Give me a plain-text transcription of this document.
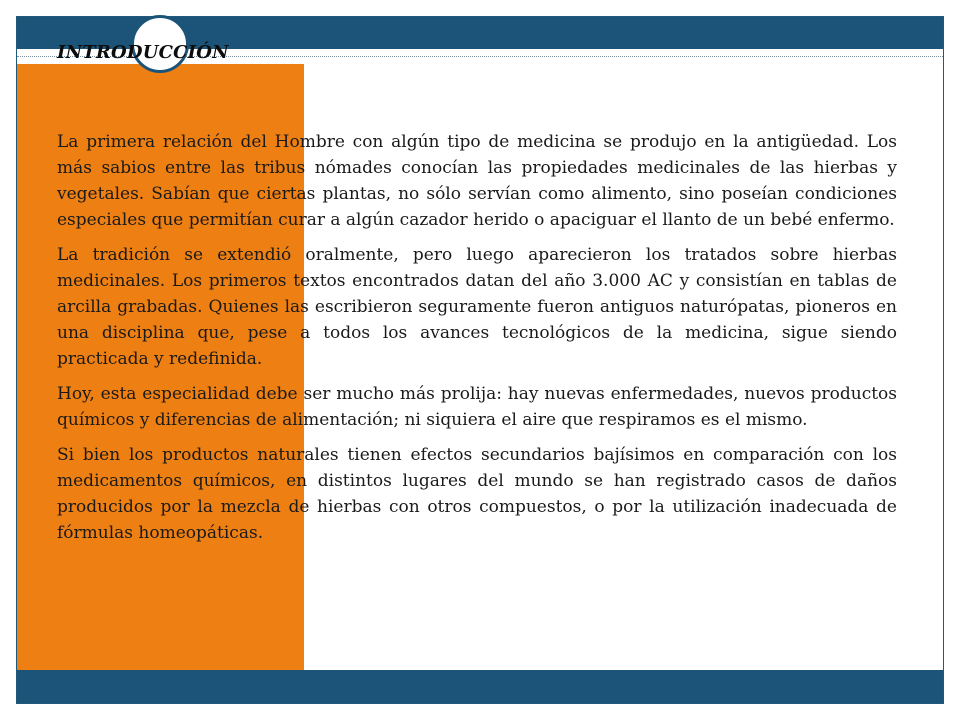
INTRODUCCIÓN

La primera relación del Hombre con algún tipo de medicina se produjo en la antigüedad. Los más sabios entre las tribus nómades conocían las propiedades medicinales de las hierbas y vegetales. Sabían que ciertas plantas, no sólo servían como alimento, sino poseían condiciones especiales que permitían curar a algún cazador herido o apaciguar el llanto de un bebé enfermo.

La tradición se extendió oralmente, pero luego aparecieron los tratados sobre hierbas medicinales. Los primeros textos encontrados datan del año 3.000 AC y consistían en tablas de arcilla grabadas. Quienes las escribieron seguramente fueron antiguos naturópatas, pioneros en una disciplina que, pese a todos los avances tecnológicos de la medicina, sigue siendo practicada y redefinida.

Hoy, esta especialidad debe ser mucho más prolija: hay nuevas enfermedades, nuevos productos químicos y diferencias de alimentación; ni siquiera el aire que respiramos es el mismo.

Si bien los productos naturales tienen efectos secundarios bajísimos en comparación con los medicamentos químicos, en distintos lugares del mundo se han registrado casos de daños producidos por la mezcla de hierbas con otros compuestos, o por la utilización inadecuada de fórmulas homeopáticas.
